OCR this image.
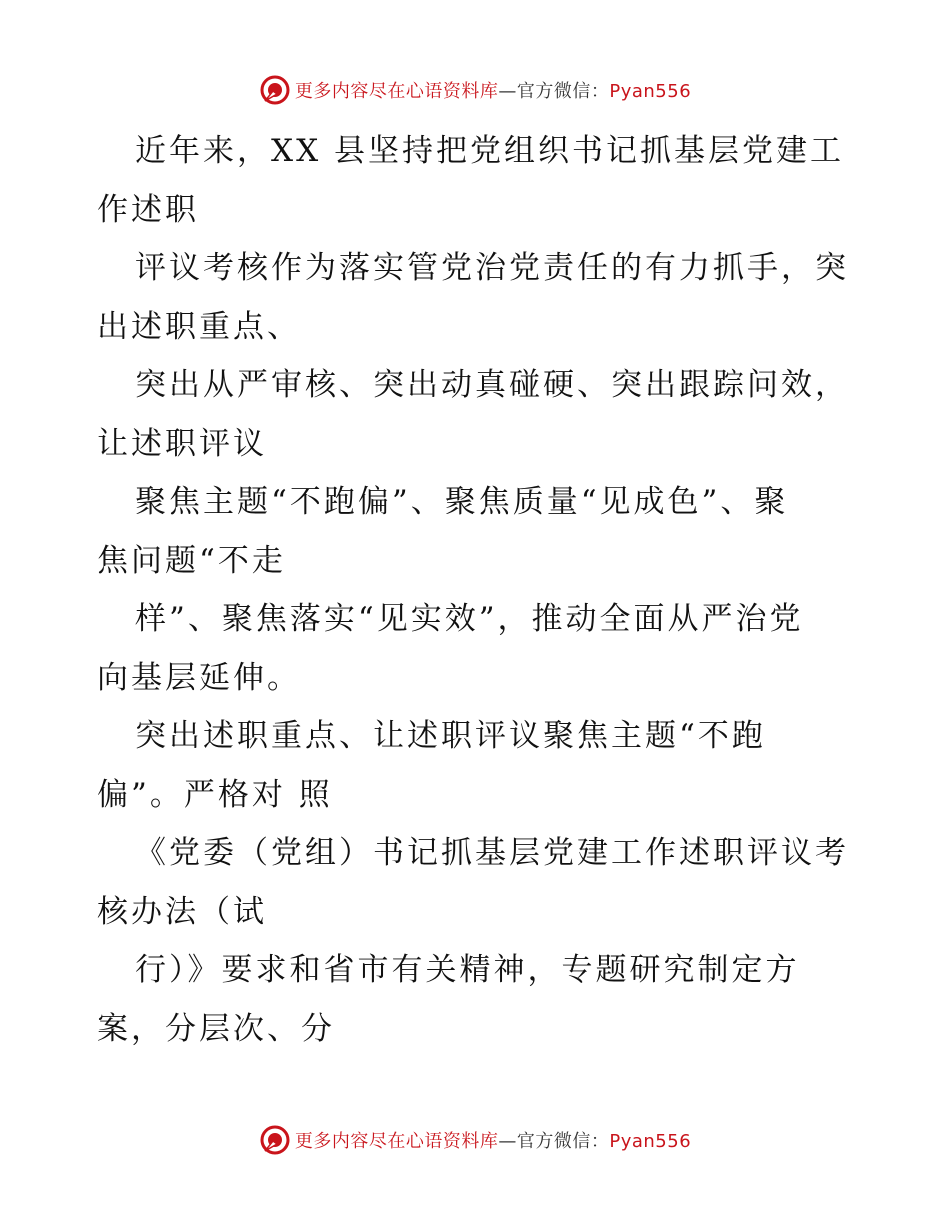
更多内容尽在心语资料库—官方微信：Pyan556
近年来，XX 县坚持把党组织书记抓基层党建工
作述职
评议考核作为落实管党治党责任的有力抓手，突
出述职重点、
突出从严审核、突出动真碰硬、突出跟踪问效，
让述职评议
聚焦主题“不跑偏”、聚焦质量“见成色”、聚
焦问题“不走
样”、聚焦落实“见实效”，推动全面从严治党
向基层延伸。
突出述职重点、让述职评议聚焦主题“不跑
偏”。严格对 照
《党委（党组）书记抓基层党建工作述职评议考
核办法（试
行）》要求和省市有关精神，专题研究制定方
案，分层次、分
更多内容尽在心语资料库—官方微信：Pyan556
